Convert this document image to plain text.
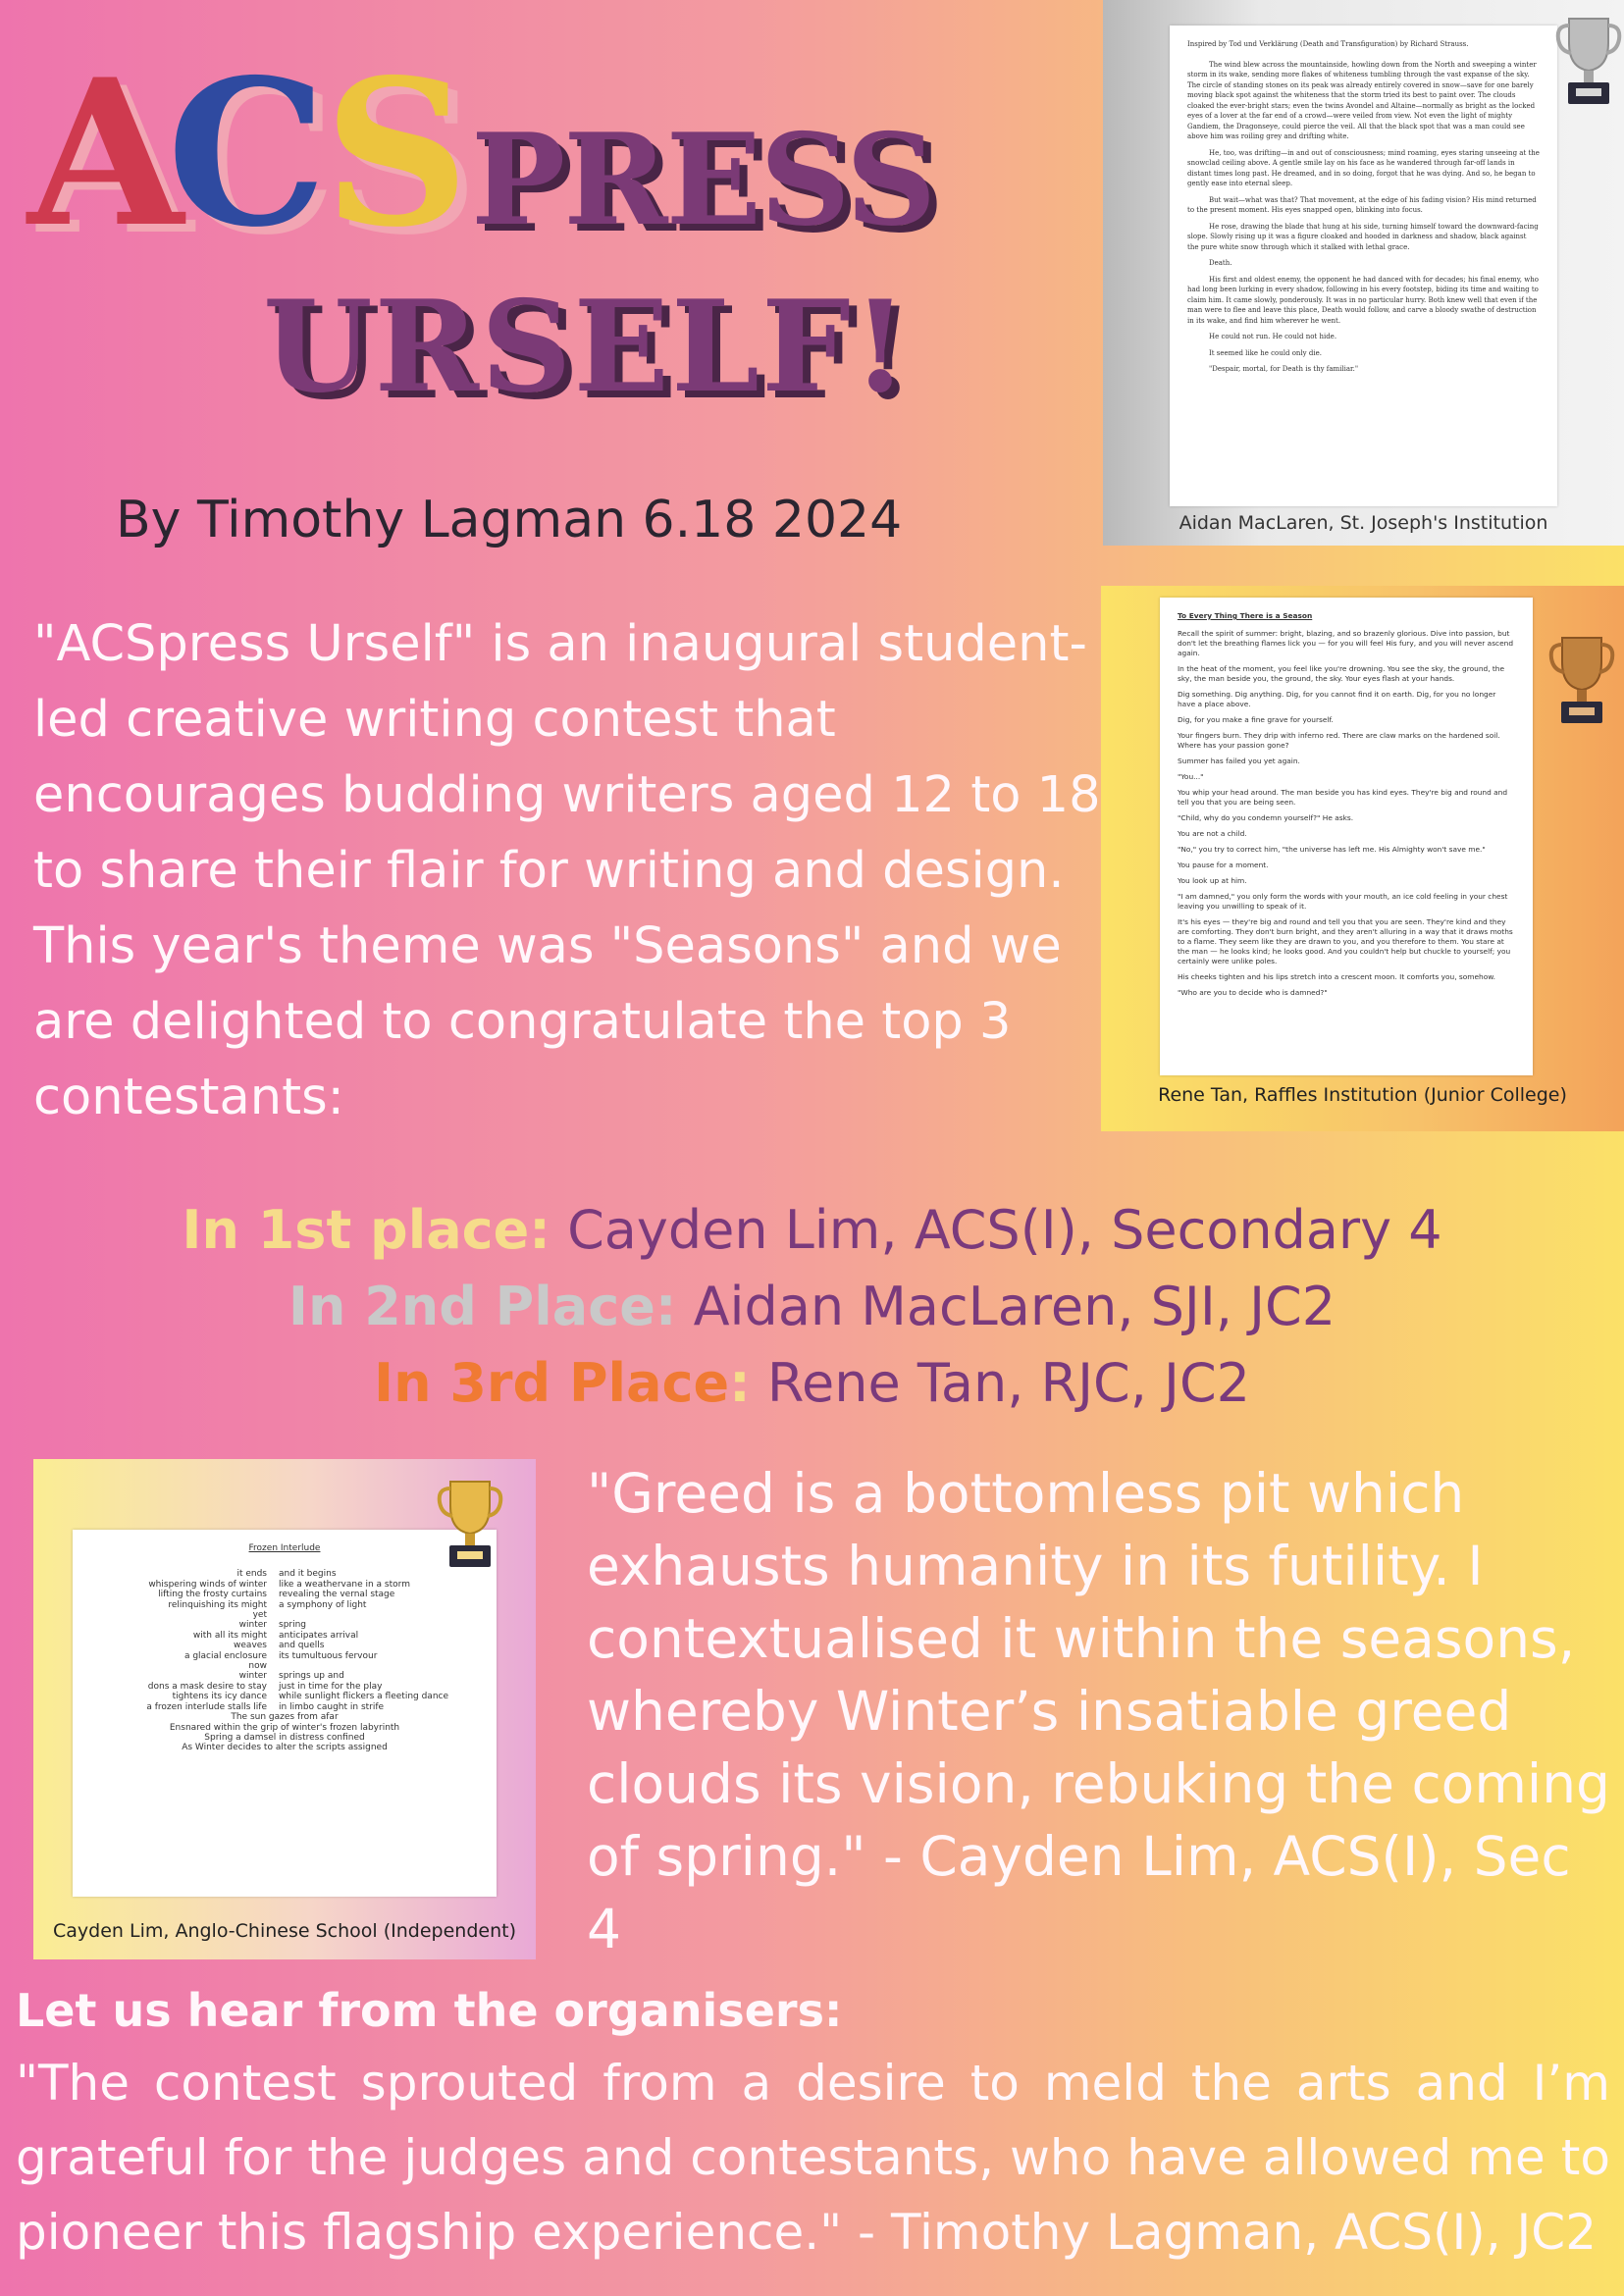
A
C
S PRESS
URSELF!
By Timothy Lagman 6.18 2024
"ACSpress Urself" is an inaugural student-led creative writing contest that encourages budding writers aged 12 to 18 to share their flair for writing and design. This year's theme was "Seasons" and we are delighted to congratulate the top 3 contestants:
In 1st place: Cayden Lim, ACS(I), Secondary 4
In 2nd Place: Aidan MacLaren, SJI, JC2
In 3rd Place: Rene Tan, RJC, JC2
"Greed is a bottomless pit which exhausts humanity in its futility. I contextualised it within the seasons, whereby Winter’s insatiable greed clouds its vision, rebuking the coming of spring." - Cayden Lim, ACS(I), Sec 4
Let us hear from the organisers:
"The contest sprouted from a desire to meld the arts and I’m grateful for the judges and contestants, who have allowed me to pioneer this flagship experience." - Timothy Lagman, ACS(I), JC2
Inspired by Tod und Verklärung (Death and Transfiguration) by Richard Strauss.

The wind blew across the mountainside, howling down from the North and sweeping a winter storm in its wake, sending more flakes of whiteness tumbling through the vast expanse of the sky. The circle of standing stones on its peak was already entirely covered in snow—save for one barely moving black spot against the whiteness that the storm tried its best to paint over. The clouds cloaked the ever-bright stars; even the twins Avondel and Altaine—normally as bright as the locked eyes of a lover at the far end of a crowd—were veiled from view. Not even the light of mighty Gandiem, the Dragonseye, could pierce the veil. All that the black spot that was a man could see above him was roiling grey and drifting white.

He, too, was drifting—in and out of consciousness; mind roaming, eyes staring unseeing at the snowclad ceiling above. A gentle smile lay on his face as he wandered through far-off lands in distant times long past. He dreamed, and in so doing, forgot that he was dying. And so, he began to gently ease into eternal sleep.

But wait—what was that? That movement, at the edge of his fading vision? His mind returned to the present moment. His eyes snapped open, blinking into focus.

He rose, drawing the blade that hung at his side, turning himself toward the downward-facing slope. Slowly rising up it was a figure cloaked and hooded in darkness and shadow, black against the pure white snow through which it stalked with lethal grace.

Death.

His first and oldest enemy, the opponent he had danced with for decades; his final enemy, who had long been lurking in every shadow, following in his every footstep, biding its time and waiting to claim him. It came slowly, ponderously. It was in no particular hurry. Both knew well that even if the man were to flee and leave this place, Death would follow, and carve a bloody swathe of destruction in its wake, and find him wherever he went.

He could not run. He could not hide.

It seemed like he could only die.

"Despair, mortal, for Death is thy familiar."

Aidan MacLaren, St. Joseph's Institution
To Every Thing There is a Season

Recall the spirit of summer: bright, blazing, and so brazenly glorious. Dive into passion, but don't let the breathing flames lick you — for you will feel His fury, and you will never ascend again.

In the heat of the moment, you feel like you're drowning. You see the sky, the ground, the sky, the man beside you, the ground, the sky. Your eyes flash at your hands.

Dig something. Dig anything. Dig, for you cannot find it on earth. Dig, for you no longer have a place above.

Dig, for you make a fine grave for yourself.

Your fingers burn. They drip with inferno red. There are claw marks on the hardened soil. Where has your passion gone?

Summer has failed you yet again.

"You..."

You whip your head around. The man beside you has kind eyes. They're big and round and tell you that you are being seen.

"Child, why do you condemn yourself?" He asks.

You are not a child.

"No," you try to correct him, "the universe has left me. His Almighty won't save me."

You pause for a moment.

You look up at him.

"I am damned," you only form the words with your mouth, an ice cold feeling in your chest leaving you unwilling to speak of it.

It's his eyes — they're big and round and tell you that you are seen. They're kind and they are comforting. They don't burn bright, and they aren't alluring in a way that it draws moths to a flame. They seem like they are drawn to you, and you therefore to them. You stare at the man — he looks kind; he looks good. And you couldn't help but chuckle to yourself; you certainly were unlike poles.

His cheeks tighten and his lips stretch into a crescent moon. It comforts you, somehow.

"Who are you to decide who is damned?"

Rene Tan, Raffles Institution (Junior College)
Frozen Interlude
it ends	and it begins
whispering winds of winter	like a weathervane in a storm
lifting the frosty curtains	revealing the vernal stage
relinquishing its might	a symphony of light
yet
winter	spring
with all its might	anticipates arrival
weaves	and quells
a glacial enclosure	its tumultuous fervour
now
winter	springs up and
dons a mask desire to stay	just in time for the play
tightens its icy dance	while sunlight flickers a fleeting dance
a frozen interlude stalls life	in limbo caught in strife
The sun gazes from afar
Ensnared within the grip of winter's frozen labyrinth
Spring a damsel in distress confined
As Winter decides to alter the scripts assigned
Cayden Lim, Anglo-Chinese School (Independent)
